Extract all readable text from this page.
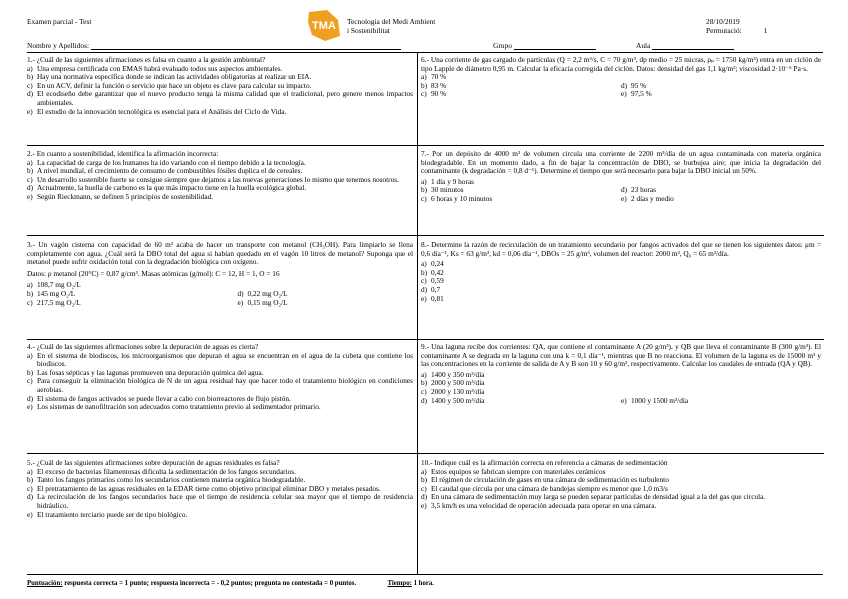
Examen parcial - Test	TMA Tecnologia del Medi Ambient
i Sostenibilitat
28/10/2019
Permutació:	1
Nombre y Apellidos:	Grupo	Aula

1.- ¿Cuál de las siguientes afirmaciones es falsa en cuanto a la gestión ambiental?

a) Una empresa certificada con EMAS habrá evaluado todos sus aspectos ambientales.
b) Hay una normativa específica donde se indican las actividades obligatorias al realizar un EIA.
c) En un ACV, definir la función o servicio que hace un objeto es clave para calcular su impacto.
d) El ecodiseño debe garantizar que el nuevo producto tenga la misma calidad que el tradicional, pero genere menos impactos ambientales.
e) El estudio de la innovación tecnológica es esencial para el Análisis del Ciclo de Vida.

2.- En cuanto a sostenibilidad, identifica la afirmación incorrecta:

a) La capacidad de carga de los humanos ha ido variando con el tiempo debido a la tecnología.
b) A nivel mundial, el crecimiento de consumo de combustibles fósiles duplica el de cereales.
c) Un desarrollo sostenible fuerte se consigue siempre que dejamos a las nuevas generaciones lo mismo que tenemos nosotros.
d) Actualmente, la huella de carbono es la que más impacto tiene en la huella ecológica global.
e) Según Rieckmann, se definen 5 principios de sostenibilidad.

3.- Un vagón cisterna con capacidad de 60 m³ acaba de hacer un transporte con metanol (CH₃OH). Para limpiarlo se llena completamente con agua. ¿Cuál será la DBO total del agua si habían quedado en el vagón 10 litros de metanol? Suponga que el metanol puede sufrir oxidación total con la degradación biológica con oxígeno.

Datos: ρ metanol (20°C) = 0,87 g/cm³. Masas atómicas (g/mol): C = 12, H = 1, O = 16

a) 108,7 mg O₂/L
b) 145 mg O₂/L	d) 0,22 mg O₂/L
c) 217,5 mg O₂/L	e) 0,15 mg O₂/L

4.- ¿Cuál de las siguientes afirmaciones sobre la depuración de aguas es cierta?

a) En el sistema de biodiscos, los microorganismos que depuran el agua se encuentran en el agua de la cubeta que contiene los biodiscos.
b) Las fosas sépticas y las lagunas promueven una depuración química del agua.
c) Para conseguir la eliminación biológica de N de un agua residual hay que hacer todo el tratamiento biológico en condiciones aerobias.
d) El sistema de fangos activados se puede llevar a cabo con biorreactores de flujo pistón.
e) Los sistemas de nanofiltración son adecuados como tratamiento previo al sedimentador primario.

5.- ¿Cuál de las siguientes afirmaciones sobre depuración de aguas residuales es falsa?

a) El exceso de bacterias filamentosas dificulta la sedimentación de los fangos secundarios.
b) Tanto los fangos primarios como los secundarios contienen materia orgánica biodegradable.
c) El pretratamiento de las aguas residuales en la EDAR tiene como objetivo principal eliminar DBO y metales pesados.
d) La recirculación de los fangos secundarios hace que el tiempo de residencia celular sea mayor que el tiempo de residencia hidráulico.
e) El tratamiento terciario puede ser de tipo biológico.

6.- Una corriente de gas cargado de partículas (Q = 2,2 m³/s, C = 70 g/m³, dp medio = 25 micras, ρₚ = 1750 kg/m³) entra en un ciclón de tipo Lapple de diámetro 0,95 m. Calcular la eficacia corregida del ciclón. Datos: densidad del gas 1,1 kg/m³; viscosidad 2·10⁻⁵ Pa·s.

a) 70 %
b) 83 %	d) 95 %
c) 90 %	e) 97,5 %

7.- Por un depósito de 4000 m³ de volumen circula una corriente de 2200 m³/día de un agua contaminada con materia orgánica biodegradable. En un momento dado, a fin de bajar la concentración de DBO, se burbujea aire; que inicia la degradación del contaminante (k degradación = 0,8 d⁻¹). Determine el tiempo que será necesario para bajar la DBO inicial un 50%.

a) 1 día y 9 horas
b) 30 minutos	d) 23 horas
c) 6 horas y 10 minutos	e) 2 días y medio

8.- Determine la razón de recirculación de un tratamiento secundario por fangos activados del que se tienen los siguientes datos: μm = 0,6 día⁻¹, Ks = 63 g/m³, kd = 0,06 día⁻¹, DBOs = 25 g/m³, volumen del reactor: 2000 m³, Q₀ = 65 m³/día.

a) 0,24
b) 0,42
c) 0,59
d) 0,7
e) 0,81

9.- Una laguna recibe dos corrientes: QA, que contiene el contaminante A (20 g/m³), y QB que lleva el contaminante B (300 g/m³). El contaminante A se degrada en la laguna con una k = 0,1 día⁻¹, mientras que B no reacciona. El volumen de la laguna es de 15000 m³ y las concentraciones en la corriente de salida de A y B son 10 y 60 g/m³, respectivamente. Calcular los caudales de entrada (QA y QB).

a) 1400 y 350 m³/día
b) 2000 y 500 m³/día
c) 2000 y 130 m³/día
d) 1400 y 500 m³/día	e) 1000 y 1500 m³/día

10.- Indique cuál es la afirmación correcta en referencia a cámaras de sedimentación

a) Estos equipos se fabrican siempre con materiales cerámicos
b) El régimen de circulación de gases en una cámara de sedimentación es turbulento
c) El caudal que circula por una cámara de bandejas siempre es menor que 1,0 m3/s
d) En una cámara de sedimentación muy larga se pueden separar partículas de densidad igual a la del gas que circula.
e) 3,5 km/h es una velocidad de operación adecuada para operar en una cámara.
Puntuación: respuesta correcta = 1 punto; respuesta incorrecta = - 0,2 puntos; pregunta no contestada = 0 puntos.	Tiempo: 1 hora.
